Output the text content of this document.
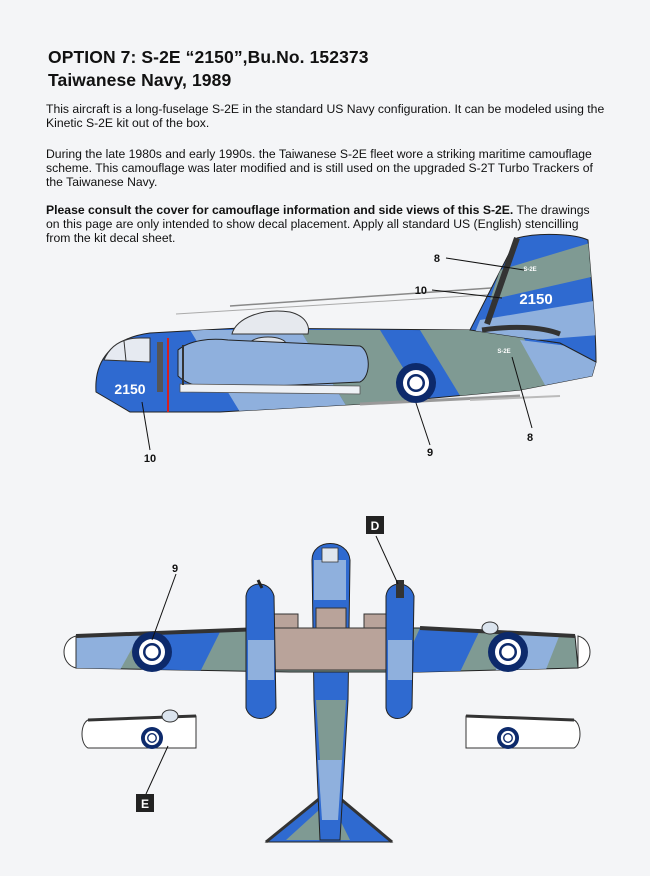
OPTION 7: S-2E “2150”,Bu.No. 152373
Taiwanese Navy, 1989
This aircraft is a long-fuselage S-2E in the standard US Navy configuration. It can be modeled using the Kinetic S-2E kit out of the box.
During the late 1980s and early 1990s. the Taiwanese S-2E fleet wore a striking maritime camouflage scheme. This camouflage was later modified and is still used on the upgraded S-2T Turbo Trackers of the Taiwanese Navy.
Please consult the cover for camouflage information and side views of this S-2E. The drawings on this page are only intended to show decal placement. Apply all standard US (English) stencilling from the kit decal sheet.
2150
2150
S-2E
S-2E
8
10
8
10	9
9
D
E
